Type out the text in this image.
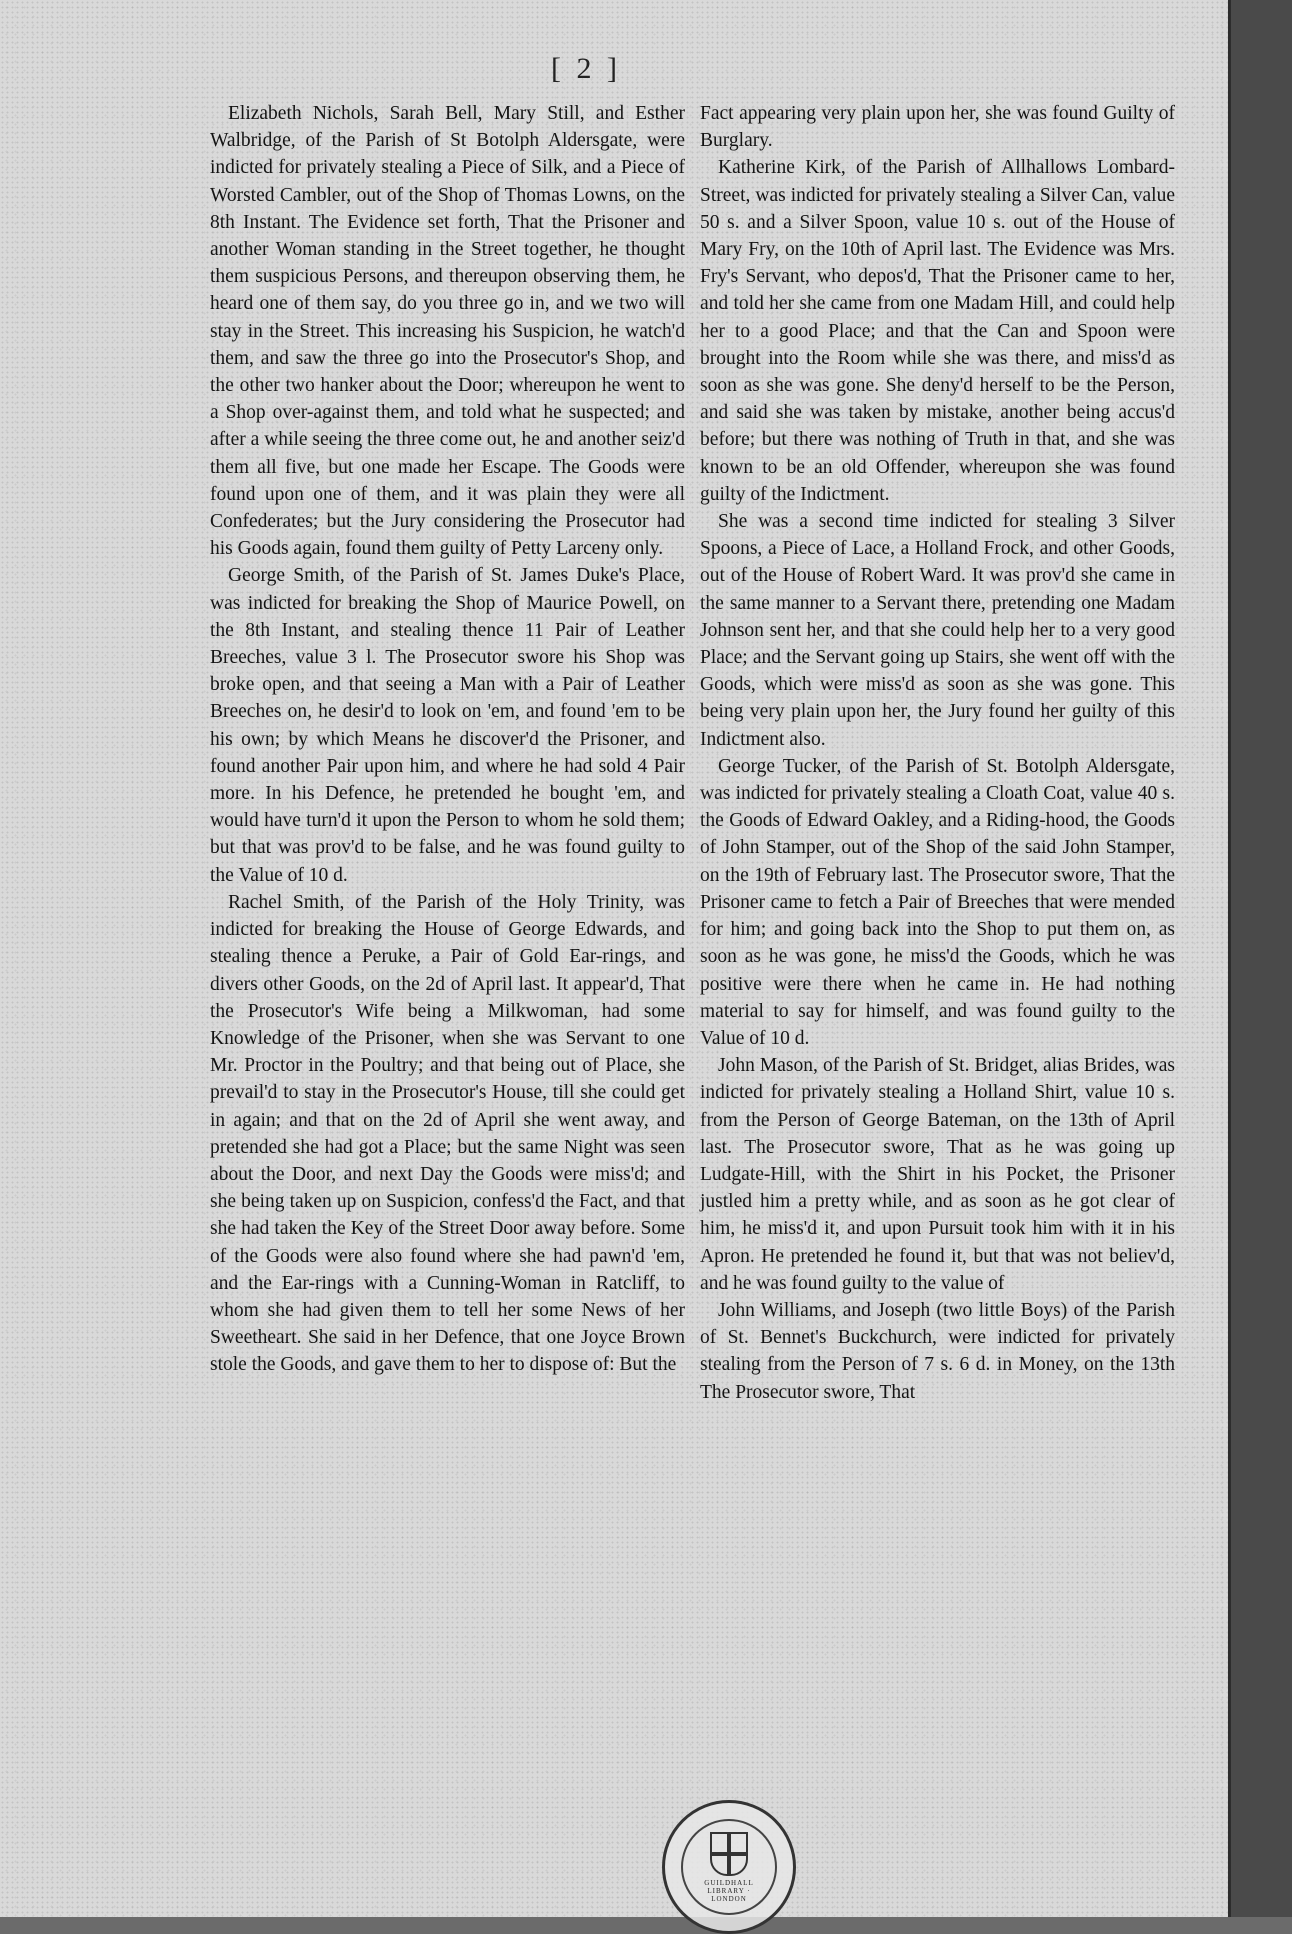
[ 2 ]

Elizabeth Nichols, Sarah Bell, Mary Still, and Esther Walbridge, of the Parish of St Botolph Aldersgate, were indicted for privately stealing a Piece of Silk, and a Piece of Worsted Cambler, out of the Shop of Thomas Lowns, on the 8th Instant. The Evidence set forth, That the Prisoner and another Woman standing in the Street together, he thought them suspicious Persons, and thereupon observing them, he heard one of them say, do you three go in, and we two will stay in the Street. This increasing his Suspicion, he watch'd them, and saw the three go into the Prosecutor's Shop, and the other two hanker about the Door; whereupon he went to a Shop over-against them, and told what he suspected; and after a while seeing the three come out, he and another seiz'd them all five, but one made her Escape. The Goods were found upon one of them, and it was plain they were all Confederates; but the Jury considering the Prosecutor had his Goods again, found them guilty of Petty Larceny only.

George Smith, of the Parish of St. James Duke's Place, was indicted for breaking the Shop of Maurice Powell, on the 8th Instant, and stealing thence 11 Pair of Leather Breeches, value 3 l. The Prosecutor swore his Shop was broke open, and that seeing a Man with a Pair of Leather Breeches on, he desir'd to look on 'em, and found 'em to be his own; by which Means he discover'd the Prisoner, and found another Pair upon him, and where he had sold 4 Pair more. In his Defence, he pretended he bought 'em, and would have turn'd it upon the Person to whom he sold them; but that was prov'd to be false, and he was found guilty to the Value of 10 d.

Rachel Smith, of the Parish of the Holy Trinity, was indicted for breaking the House of George Edwards, and stealing thence a Peruke, a Pair of Gold Ear-rings, and divers other Goods, on the 2d of April last. It appear'd, That the Prosecutor's Wife being a Milkwoman, had some Knowledge of the Prisoner, when she was Servant to one Mr. Proctor in the Poultry; and that being out of Place, she prevail'd to stay in the Prosecutor's House, till she could get in again; and that on the 2d of April she went away, and pretended she had got a Place; but the same Night was seen about the Door, and next Day the Goods were miss'd; and she being taken up on Suspicion, confess'd the Fact, and that she had taken the Key of the Street Door away before. Some of the Goods were also found where she had pawn'd 'em, and the Ear-rings with a Cunning-Woman in Ratcliff, to whom she had given them to tell her some News of her Sweetheart. She said in her Defence, that one Joyce Brown stole the Goods, and gave them to her to dispose of: But the

Fact appearing very plain upon her, she was found Guilty of Burglary.

Katherine Kirk, of the Parish of Allhallows Lombard-Street, was indicted for privately stealing a Silver Can, value 50 s. and a Silver Spoon, value 10 s. out of the House of Mary Fry, on the 10th of April last. The Evidence was Mrs. Fry's Servant, who depos'd, That the Prisoner came to her, and told her she came from one Madam Hill, and could help her to a good Place; and that the Can and Spoon were brought into the Room while she was there, and miss'd as soon as she was gone. She deny'd herself to be the Person, and said she was taken by mistake, another being accus'd before; but there was nothing of Truth in that, and she was known to be an old Offender, whereupon she was found guilty of the Indictment.

She was a second time indicted for stealing 3 Silver Spoons, a Piece of Lace, a Holland Frock, and other Goods, out of the House of Robert Ward. It was prov'd she came in the same manner to a Servant there, pretending one Madam Johnson sent her, and that she could help her to a very good Place; and the Servant going up Stairs, she went off with the Goods, which were miss'd as soon as she was gone. This being very plain upon her, the Jury found her guilty of this Indictment also.

George Tucker, of the Parish of St. Botolph Aldersgate, was indicted for privately stealing a Cloath Coat, value 40 s. the Goods of Edward Oakley, and a Riding-hood, the Goods of John Stamper, out of the Shop of the said John Stamper, on the 19th of February last. The Prosecutor swore, That the Prisoner came to fetch a Pair of Breeches that were mended for him; and going back into the Shop to put them on, as soon as he was gone, he miss'd the Goods, which he was positive were there when he came in. He had nothing material to say for himself, and was found guilty to the Value of 10 d.

John Mason, of the Parish of St. Bridget, alias Brides, was indicted for privately stealing a Holland Shirt, value 10 s. from the Person of George Bateman, on the 13th of April last. The Prosecutor swore, That as he was going up Ludgate-Hill, with the Shirt in his Pocket, the Prisoner justled him a pretty while, and as soon as he got clear of him, he miss'd it, and upon Pursuit took him with it in his Apron. He pretended he found it, but that was not believ'd, and he was found guilty to the value of

John Williams, and Joseph (two little Boys) of the Parish of St. Bennet's Buckchurch, were indicted for privately stealing from the Person of 7 s. 6 d. in Money, on the 13th The Prosecutor swore, That

GUILDHALL LIBRARY · LONDON
